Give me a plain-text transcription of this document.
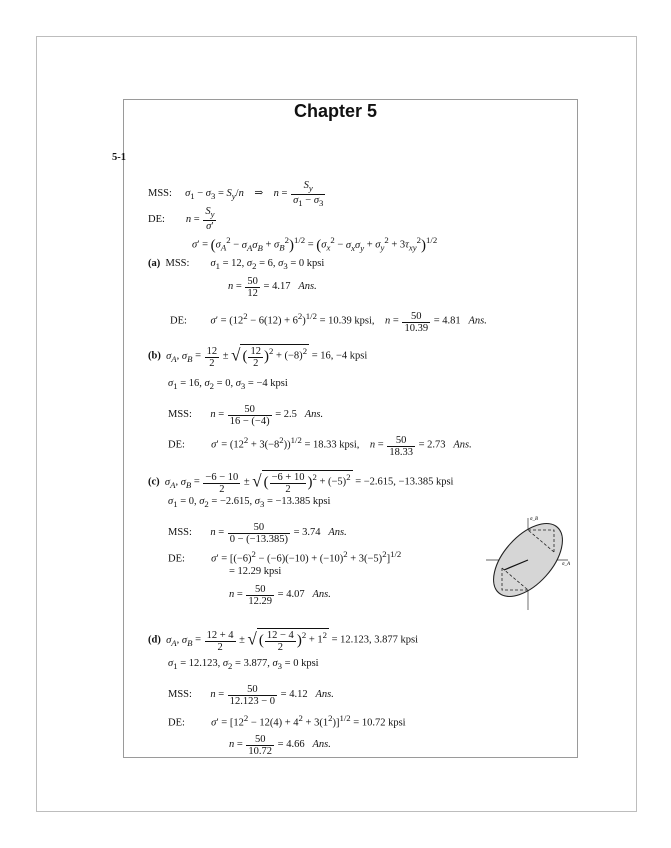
Chapter 5
5-1
MSS: $\sigma_1 - \sigma_3 = S_y/n$    ⇒    $n = \frac{S_y}{\sigma_1 - \sigma_3}$
DE: $n = \frac{S_y}{\sigma'}$
$\sigma' = (\sigma_A^2 - \sigma_A\sigma_B + \sigma_B^2)^{1/2} = (\sigma_x^2 - \sigma_x\sigma_y + \sigma_y^2 + 3\tau_{xy}^2)^{1/2}$
(a) MSS: $\sigma_1 = 12$, $\sigma_2 = 6$, $\sigma_3 = 0$ kpsi
$n = \frac{50}{12} = 4.17$ Ans.
DE: $\sigma' = (12^2 - 6(12) + 6^2)^{1/2} = 10.39$ kpsi,    $n = \frac{50}{10.39} = 4.81$ Ans.
(b) $\sigma_A$, $\sigma_B = \frac{12}{2}$ ± √ ( $\frac{12}{2} )^2 + (-8)^2 = 16$, −4 kpsi
$\sigma_1 = 16$, $\sigma_2 = 0$, $\sigma_3 = -4$ kpsi
MSS: $n = \frac{50}{16 - (-4)} = 2.5$ Ans.
DE:	$\sigma' = (12^2 + 3(-8^2))^{1/2} = 18.33$ kpsi,    $n = \frac{50}{18.33} = 2.73$ Ans.
(c) $\sigma_A$, $\sigma_B = \frac{-6 - 10}{2}$ ± √ ( $\frac{-6 + 10}{2} )^2 + (-5)^2 = -2.615$, −13.385 kpsi
$\sigma_1 = 0$, $\sigma_2 = -2.615$, $\sigma_3 = -13.385$ kpsi
MSS: $n = \frac{50}{0 - (-13.385)} = 3.74$ Ans.
DE:	$\sigma' = [(-6)^2 - (-6)(-10) + (-10)^2 + 3(-5)^2]^{1/2}$
= 12.29 kpsi
$n = \frac{50}{12.29} = 4.07$ Ans.
σ_B
σ_A
(d) $\sigma_A$, $\sigma_B = \frac{12 + 4}{2}$ ± √ ( $\frac{12 - 4}{2} )^2 + 1^2 = 12.123$, 3.877 kpsi
$\sigma_1 = 12.123$, $\sigma_2 = 3.877$, $\sigma_3 = 0$ kpsi
MSS: $n = \frac{50}{12.123 - 0} = 4.12$ Ans.
DE:	$\sigma' = [12^2 - 12(4) + 4^2 + 3(1^2)]^{1/2} = 10.72$ kpsi
$n = \frac{50}{10.72} = 4.66$ Ans.
